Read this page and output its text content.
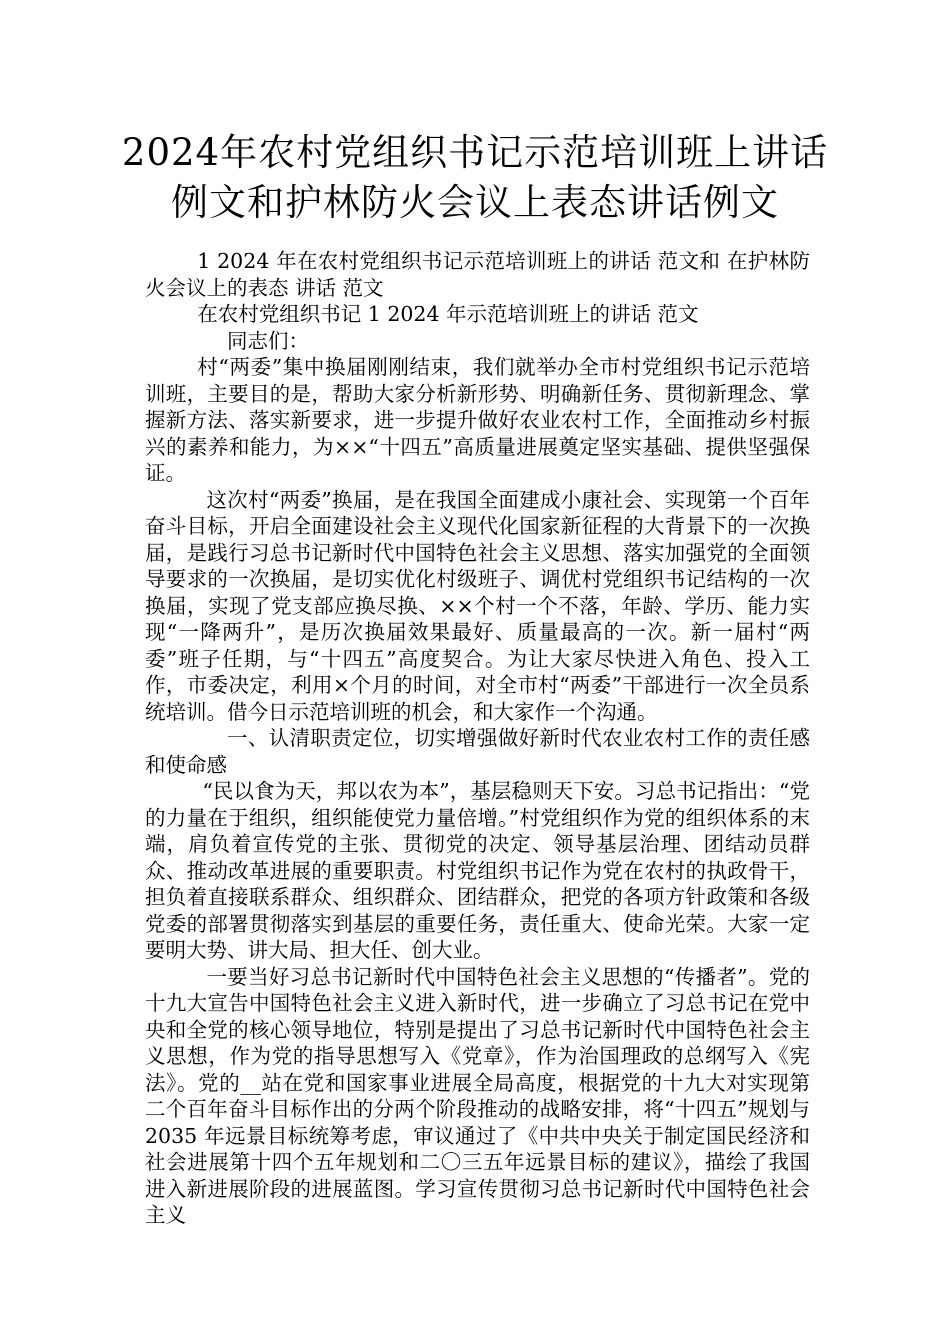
2024年农村党组织书记示范培训班上讲话
例文和护林防火会议上表态讲话例文

1 2024 年在农村党组织书记示范培训班上的讲话 范文和 在护林防火会议上的表态 讲话 范文

在农村党组织书记 1 2024 年示范培训班上的讲话 范文

同志们：

村“两委”集中换届刚刚结束，我们就举办全市村党组织书记示范培训班，主要目的是，帮助大家分析新形势、明确新任务、贯彻新理念、掌握新方法、落实新要求，进一步提升做好农业农村工作，全面推动乡村振兴的素养和能力，为××“十四五”高质量进展奠定坚实基础、提供坚强保证。

这次村“两委”换届，是在我国全面建成小康社会、实现第一个百年奋斗目标，开启全面建设社会主义现代化国家新征程的大背景下的一次换届，是践行习总书记新时代中国特色社会主义思想、落实加强党的全面领导要求的一次换届，是切实优化村级班子、调优村党组织书记结构的一次换届，实现了党支部应换尽换、××个村一个不落，年龄、学历、能力实现“一降两升”，是历次换届效果最好、质量最高的一次。新一届村“两委”班子任期，与“十四五”高度契合。为让大家尽快进入角色、投入工作，市委决定，利用×个月的时间，对全市村“两委”干部进行一次全员系统培训。借今日示范培训班的机会，和大家作一个沟通。

一、认清职责定位，切实增强做好新时代农业农村工作的责任感和使命感

“民以食为天，邦以农为本”，基层稳则天下安。习总书记指出：“党的力量在于组织，组织能使党力量倍增。”村党组织作为党的组织体系的末端，肩负着宣传党的主张、贯彻党的决定、领导基层治理、团结动员群众、推动改革进展的重要职责。村党组织书记作为党在农村的执政骨干，担负着直接联系群众、组织群众、团结群众，把党的各项方针政策和各级党委的部署贯彻落实到基层的重要任务，责任重大、使命光荣。大家一定要明大势、讲大局、担大任、创大业。

一要当好习总书记新时代中国特色社会主义思想的“传播者”。党的十九大宣告中国特色社会主义进入新时代，进一步确立了习总书记在党中央和全党的核心领导地位，特别是提出了习总书记新时代中国特色社会主义思想，作为党的指导思想写入《党章》，作为治国理政的总纲写入《宪法》。党的__站在党和国家事业进展全局高度，根据党的十九大对实现第二个百年奋斗目标作出的分两个阶段推动的战略安排，将“十四五”规划与 2035 年远景目标统筹考虑，审议通过了《中共中央关于制定国民经济和社会进展第十四个五年规划和二〇三五年远景目标的建议》，描绘了我国进入新进展阶段的进展蓝图。学习宣传贯彻习总书记新时代中国特色社会主义
